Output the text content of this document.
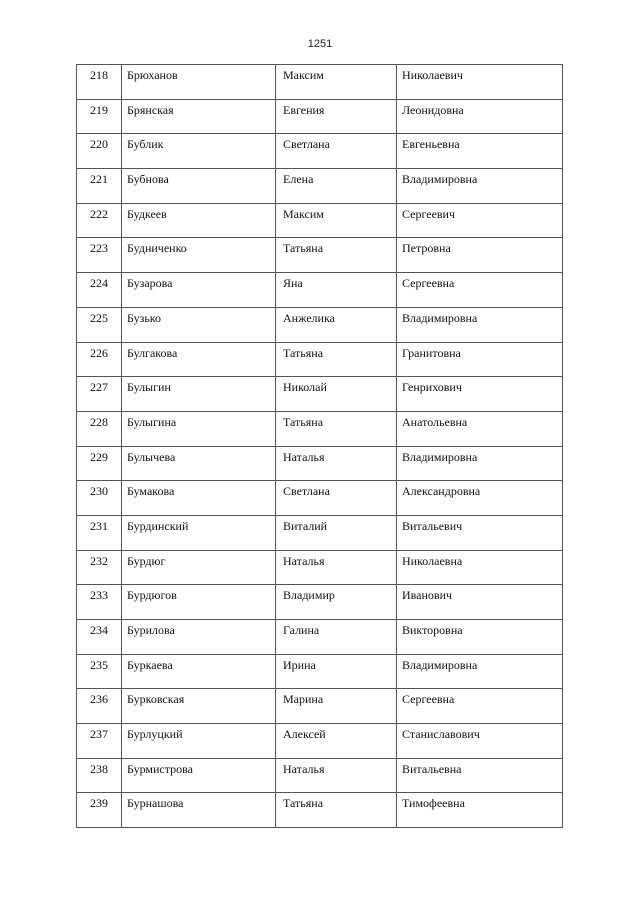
1251
218	Брюханов	Максим	Николаевич

219	Брянская	Евгения	Леонидовна

220	Бублик	Светлана	Евгеньевна

221	Бубнова	Елена	Владимировна

222	Будкеев	Максим	Сергеевич

223	Будниченко	Татьяна	Петровна

224	Бузарова	Яна	Сергеевна

225	Бузько	Анжелика	Владимировна

226	Булгакова	Татьяна	Гранитовна

227	Булыгин	Николай	Генрихович

228	Булыгина	Татьяна	Анатольевна

229	Булычева	Наталья	Владимировна

230	Бумакова	Светлана	Александровна

231	Бурдинский	Виталий	Витальевич

232	Бурдюг	Наталья	Николаевна

233	Бурдюгов	Владимир	Иванович

234	Бурилова	Галина	Викторовна

235	Буркаева	Ирина	Владимировна

236	Бурковская	Марина	Сергеевна

237	Бурлуцкий	Алексей	Станиславович

238	Бурмистрова	Наталья	Витальевна

239	Бурнашова	Татьяна	Тимофеевна
